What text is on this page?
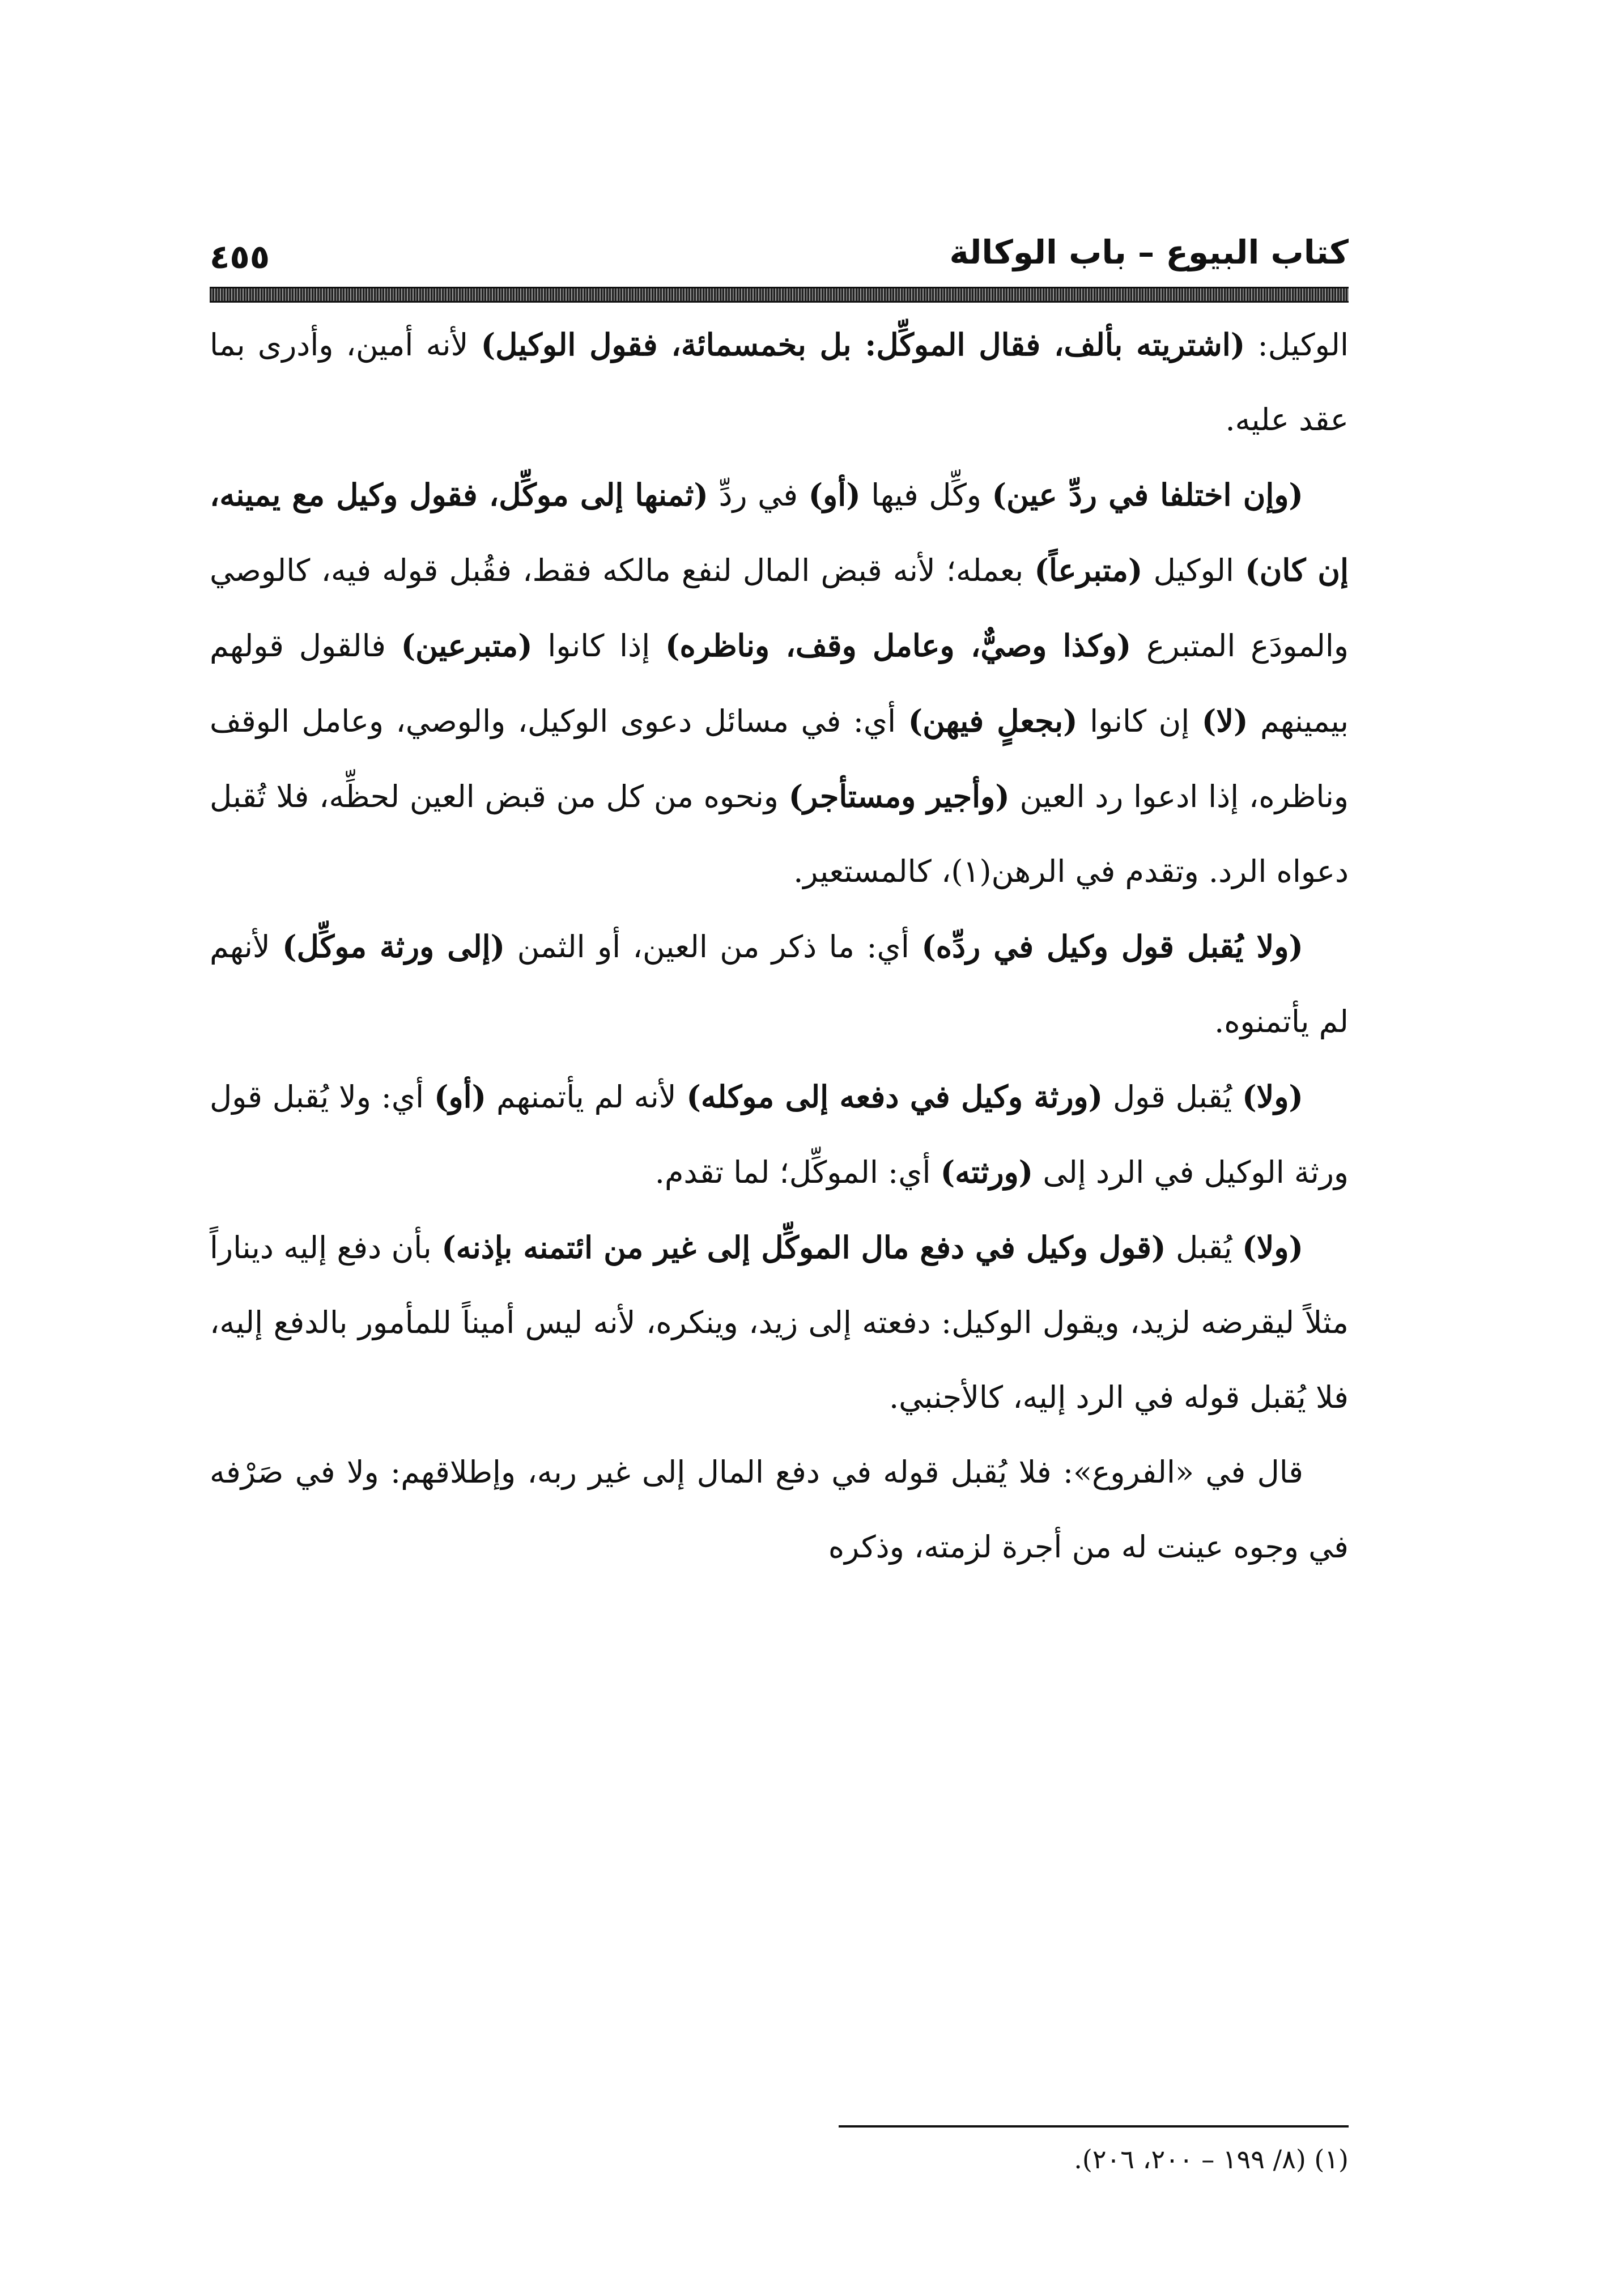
كتاب البيوع – باب الوكالة
٤٥٥

الوكيل: (اشتريته بألف، فقال الموكِّل: بل بخمسمائة، فقول الوكيل) لأنه أمين، وأدرى بما عقد عليه.

(وإن اختلفا في ردِّ عين) وكِّل فيها (أو) في ردِّ (ثمنها إلى موكِّل، فقول وكيل مع يمينه، إن كان) الوكيل (متبرعاً) بعمله؛ لأنه قبض المال لنفع مالكه فقط، فقُبل قوله فيه، كالوصي والمودَع المتبرع (وكذا وصيٌّ، وعامل وقف، وناظره) إذا كانوا (متبرعين) فالقول قولهم بيمينهم (لا) إن كانوا (بجعلٍ فيهن) أي: في مسائل دعوى الوكيل، والوصي، وعامل الوقف وناظره، إذا ادعوا رد العين (وأجير ومستأجر) ونحوه من كل من قبض العين لحظِّه، فلا تُقبل دعواه الرد. وتقدم في الرهن(١)، كالمستعير.

(ولا يُقبل قول وكيل في ردِّه) أي: ما ذكر من العين، أو الثمن (إلى ورثة موكِّل) لأنهم لم يأتمنوه.

(ولا) يُقبل قول (ورثة وكيل في دفعه إلى موكله) لأنه لم يأتمنهم (أو) أي: ولا يُقبل قول ورثة الوكيل في الرد إلى (ورثته) أي: الموكِّل؛ لما تقدم.

(ولا) يُقبل (قول وكيل في دفع مال الموكِّل إلى غير من ائتمنه بإذنه) بأن دفع إليه ديناراً مثلاً ليقرضه لزيد، ويقول الوكيل: دفعته إلى زيد، وينكره، لأنه ليس أميناً للمأمور بالدفع إليه، فلا يُقبل قوله في الرد إليه، كالأجنبي.

قال في «الفروع»: فلا يُقبل قوله في دفع المال إلى غير ربه، وإطلاقهم: ولا في صَرْفه في وجوه عينت له من أجرة لزمته، وذكره

(١) (٨/ ١٩٩ – ٢٠٠، ٢٠٦).
